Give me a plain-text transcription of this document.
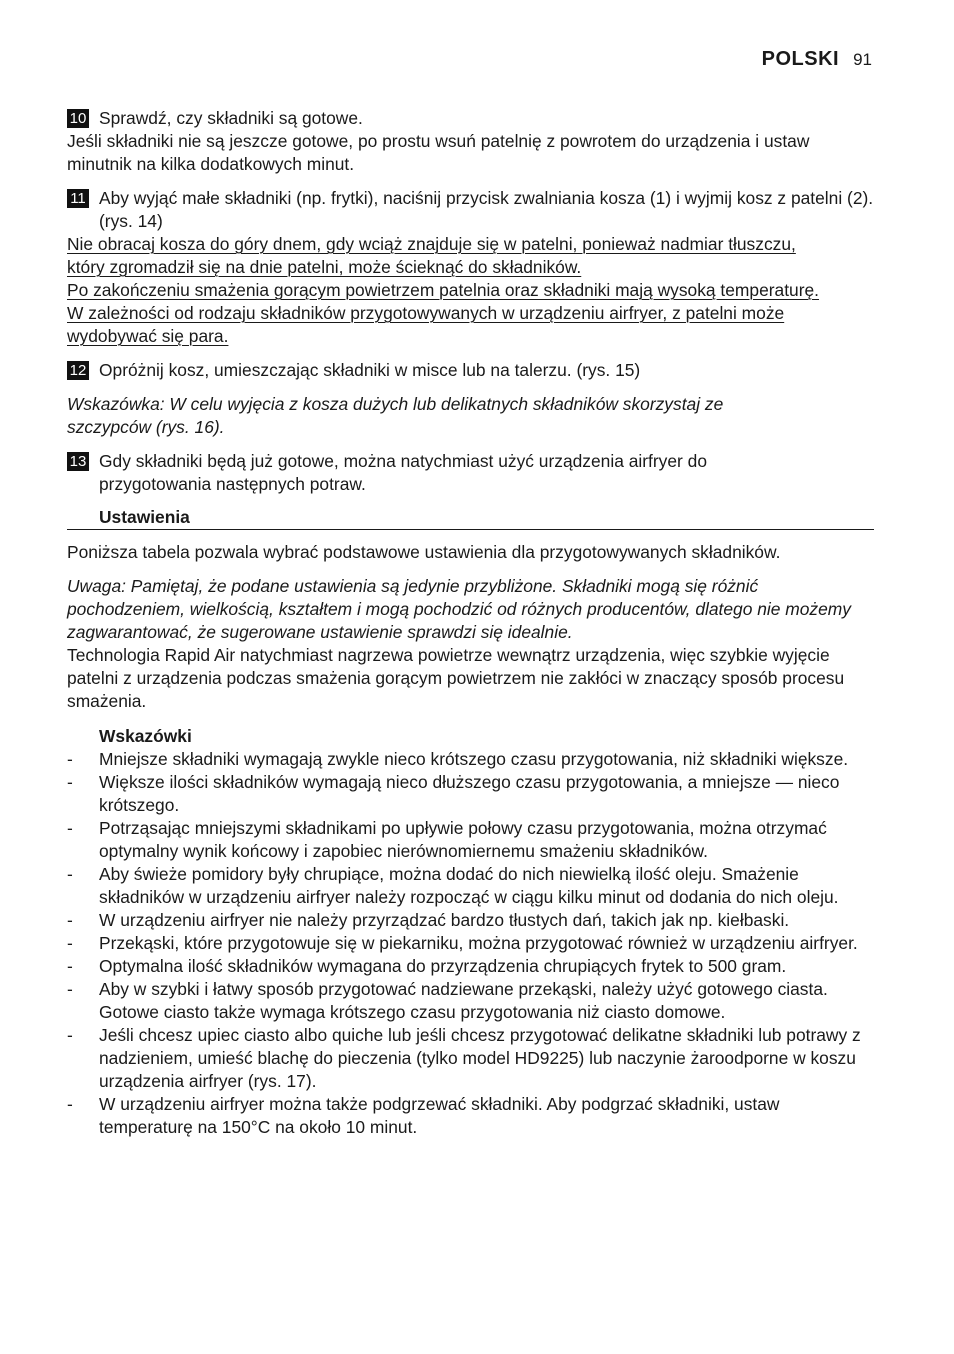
POLSKI 91
10 Sprawdź, czy składniki są gotowe.

Jeśli składniki nie są jeszcze gotowe, po prostu wsuń patelnię z powrotem do urządzenia i ustaw minutnik na kilka dodatkowych minut.

11 Aby wyjąć małe składniki (np. frytki), naciśnij przycisk zwalniania kosza (1) i wyjmij kosz z patelni (2). (rys. 14)
Nie obracaj kosza do góry dnem, gdy wciąż znajduje się w patelni, ponieważ nadmiar tłuszczu,
który zgromadził się na dnie patelni, może ścieknąć do składników.
Po zakończeniu smażenia gorącym powietrzem patelnia oraz składniki mają wysoką temperaturę.
W zależności od rodzaju składników przygotowywanych w urządzeniu airfryer, z patelni może
wydobywać się para.
12 Opróżnij kosz, umieszczając składniki w misce lub na talerzu. (rys. 15)

Wskazówka: W celu wyjęcia z kosza dużych lub delikatnych składników skorzystaj ze szczypców (rys. 16).

13 Gdy składniki będą już gotowe, można natychmiast użyć urządzenia airfryer do przygotowania następnych potraw.
Ustawienia

Poniższa tabela pozwala wybrać podstawowe ustawienia dla przygotowywanych składników.

Uwaga: Pamiętaj, że podane ustawienia są jedynie przybliżone. Składniki mogą się różnić pochodzeniem, wielkością, kształtem i mogą pochodzić od różnych producentów, dlatego nie możemy zagwarantować, że sugerowane ustawienie sprawdzi się idealnie.

Technologia Rapid Air natychmiast nagrzewa powietrze wewnątrz urządzenia, więc szybkie wyjęcie patelni z urządzenia podczas smażenia gorącym powietrzem nie zakłóci w znaczący sposób procesu smażenia.

Wskazówki
-	Mniejsze składniki wymagają zwykle nieco krótszego czasu przygotowania, niż składniki większe.
-	Większe ilości składników wymagają nieco dłuższego czasu przygotowania, a mniejsze — nieco krótszego.
-	Potrząsając mniejszymi składnikami po upływie połowy czasu przygotowania, można otrzymać optymalny wynik końcowy i zapobiec nierównomiernemu smażeniu składników.
-	Aby świeże pomidory były chrupiące, można dodać do nich niewielką ilość oleju. Smażenie składników w urządzeniu airfryer należy rozpocząć w ciągu kilku minut od dodania do nich oleju.
-	W urządzeniu airfryer nie należy przyrządzać bardzo tłustych dań, takich jak np. kiełbaski.
-	Przekąski, które przygotowuje się w piekarniku, można przygotować również w urządzeniu airfryer.
-	Optymalna ilość składników wymagana do przyrządzenia chrupiących frytek to 500 gram.
-	Aby w szybki i łatwy sposób przygotować nadziewane przekąski, należy użyć gotowego ciasta. Gotowe ciasto także wymaga krótszego czasu przygotowania niż ciasto domowe.
-	Jeśli chcesz upiec ciasto albo quiche lub jeśli chcesz przygotować delikatne składniki lub potrawy z nadzieniem, umieść blachę do pieczenia (tylko model HD9225) lub naczynie żaroodporne w koszu urządzenia airfryer (rys. 17).
-	W urządzeniu airfryer można także podgrzewać składniki. Aby podgrzać składniki, ustaw temperaturę na 150°C na około 10 minut.
